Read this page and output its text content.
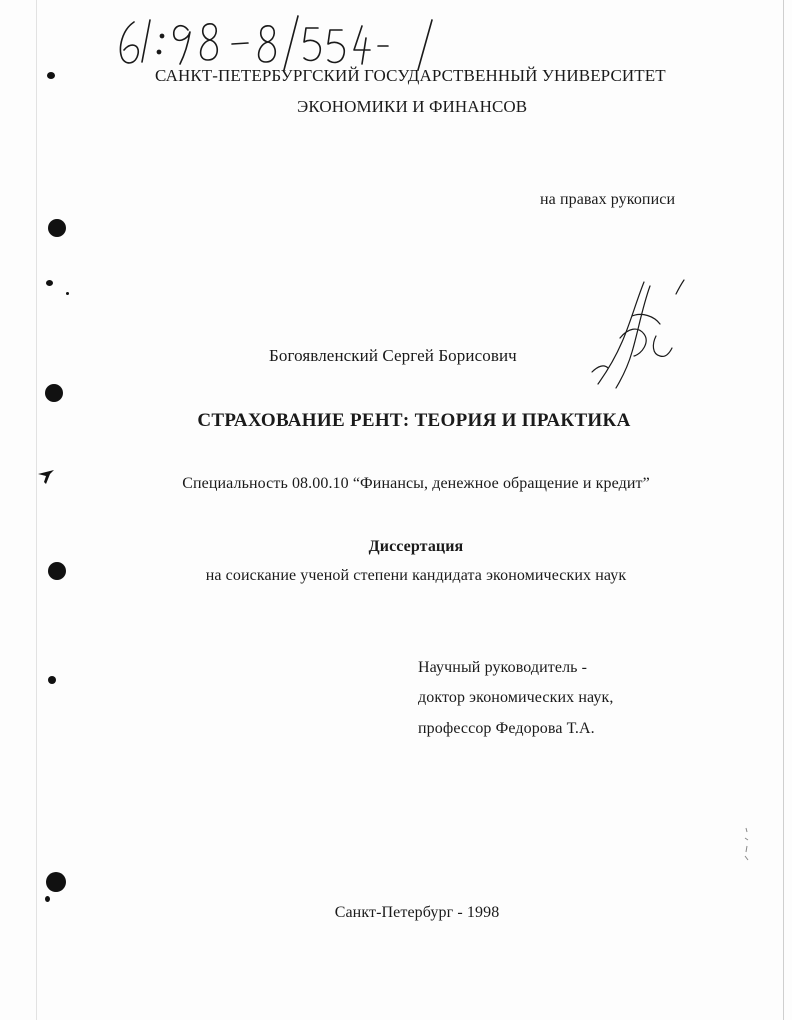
САНКТ-ПЕТЕРБУРГСКИЙ ГОСУДАРСТВЕННЫЙ УНИВЕРСИТЕТ
ЭКОНОМИКИ И ФИНАНСОВ
на правах рукописи
Богоявленский Сергей Борисович
СТРАХОВАНИЕ РЕНТ: ТЕОРИЯ И ПРАКТИКА
Специальность 08.00.10 “Финансы, денежное обращение и кредит”
Диссертация
на соискание ученой степени кандидата экономических наук
Научный руководитель -
доктор экономических наук,
профессор Федорова Т.А.
Санкт-Петербург - 1998
